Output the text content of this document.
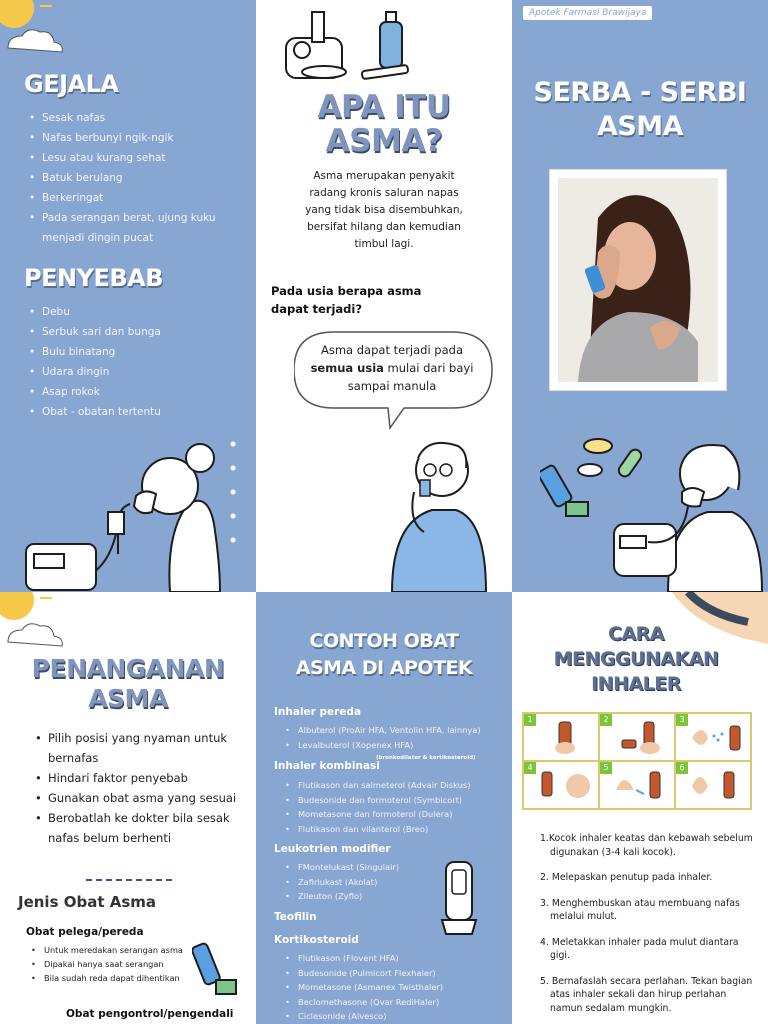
GEJALA
• Sesak nafas
• Nafas berbunyi ngik-ngik
• Lesu atau kurang sehat
• Batuk berulang
• Berkeringat
• Pada serangan berat, ujung kuku menjadi dingin pucat
PENYEBAB
• Debu
• Serbuk sari dan bunga
• Bulu binatang
• Udara dingin
• Asap rokok
• Obat - obatan tertentu
APA ITU
ASMA?
Asma merupakan penyakit radang kronis saluran napas yang tidak bisa disembuhkan, bersifat hilang dan kemudian timbul lagi.
Pada usia berapa asma dapat terjadi?
Asma dapat terjadi pada semua usia mulai dari bayi sampai manula
Apotek Farmasi Brawijaya
SERBA - SERBI
ASMA
PENANGANAN
ASMA
• Pilih posisi yang nyaman untuk bernafas
• Hindari faktor penyebab
• Gunakan obat asma yang sesuai
• Berobatlah ke dokter bila sesak nafas belum berhenti
Jenis Obat Asma
Obat pelega/pereda
• Untuk meredakan serangan asma
• Dipakai hanya saat serangan
• Bila sudah reda dapat dihentikan
Obat pengontrol/pengendali
CONTOH OBAT
ASMA DI APOTEK
Inhaler pereda
• Albuterol (ProAir HFA, Ventolin HFA, lainnya)
• Levalbuterol (Xopenex HFA)
Inhaler kombinasi
(bronkodilator & kortikosteroid)
• Flutikason dan salmeterol (Advair Diskus)
• Budesonide dan formoterol (Symbicort)
• Mometasone dan formoterol (Dulera)
• Flutikason dan vilanterol (Breo)
Leukotrien modifier
• FMontelukast (Singulair)
• Zafirlukast (Akolat)
• Zileuton (Zyflo)
Teofilin
Kortikosteroid
• Flutikason (Flovent HFA)
• Budesonide (Pulmicort Flexhaler)
• Mometasone (Asmanex Twisthaler)
• Beclomethasone (Qvar RediHaler)
• Ciclesonide (Alvesco)
CARA
MENGGUNAKAN
INHALER
1	2	3
4	5	6
1.Kocok inhaler keatas dan kebawah sebelum digunakan (3-4 kali kocok).
2. Melepaskan penutup pada inhaler.
3. Menghembuskan atau membuang nafas melalui mulut.
4. Meletakkan inhaler pada mulut diantara gigi.
5. Bernafaslah secara perlahan. Tekan bagian atas inhaler sekali dan hirup perlahan namun sedalam mungkin.
